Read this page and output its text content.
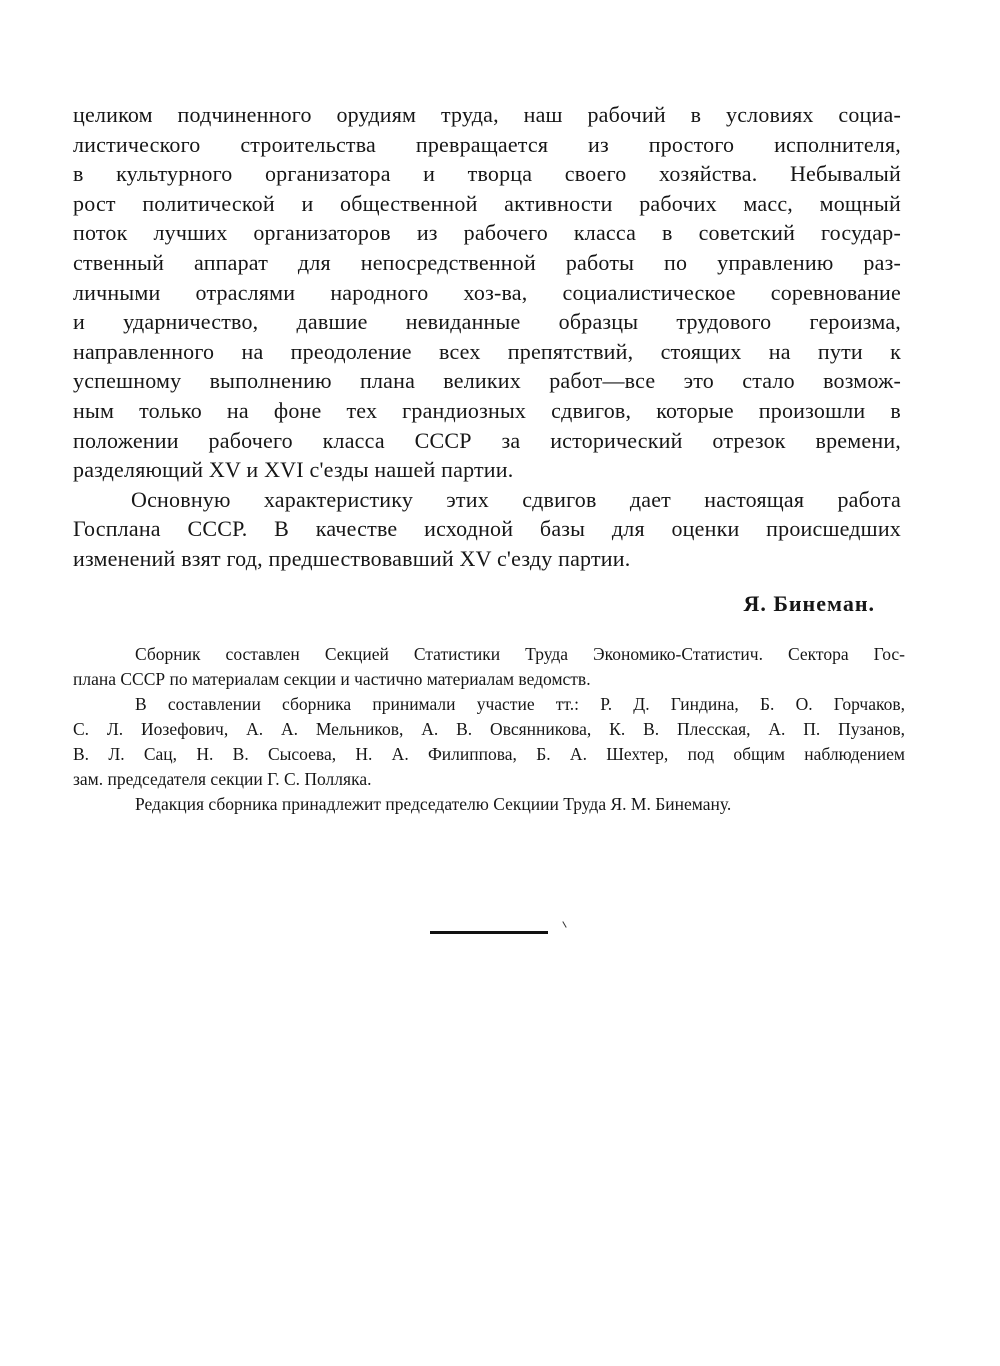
целиком подчиненного орудиям труда, наш рабочий в условиях социа-
листического строительства превращается из простого исполнителя,
в культурного организатора и творца своего хозяйства. Небывалый
рост политической и общественной активности рабочих масс, мощный
поток лучших организаторов из рабочего класса в советский государ-
ственный аппарат для непосредственной работы по управлению раз-
личными отраслями народного хоз-ва, социалистическое соревнование
и ударничество, давшие невиданные образцы трудового героизма,
направленного на преодоление всех препятствий, стоящих на пути к
успешному выполнению плана великих работ—все это стало возмож-
ным только на фоне тех грандиозных сдвигов, которые произошли в
положении рабочего класса СССР за исторический отрезок времени,
разделяющий XV и XVI с'езды нашей партии.
Основную характеристику этих сдвигов дает настоящая работа
Госплана СССР. В качестве исходной базы для оценки происшедших
изменений взят год, предшествовавший XV с'езду партии.
Я. Бинеман.
Сборник составлен Секцией Статистики Труда Экономико-Статистич. Сектора Гос-
плана СССР по материалам секции и частично материалам ведомств.
В составлении сборника принимали участие тт.: Р. Д. Гиндина, Б. О. Горчаков,
С. Л. Иозефович, А. А. Мельников, А. В. Овсянникова, К. В. Плесская, А. П. Пузанов,
В. Л. Сац, Н. В. Сысоева, Н. А. Филиппова, Б. А. Шехтер, под общим наблюдением
зам. председателя секции Г. С. Полляка.
Редакция сборника принадлежит председателю Секциии Труда Я. М. Бинеману.
